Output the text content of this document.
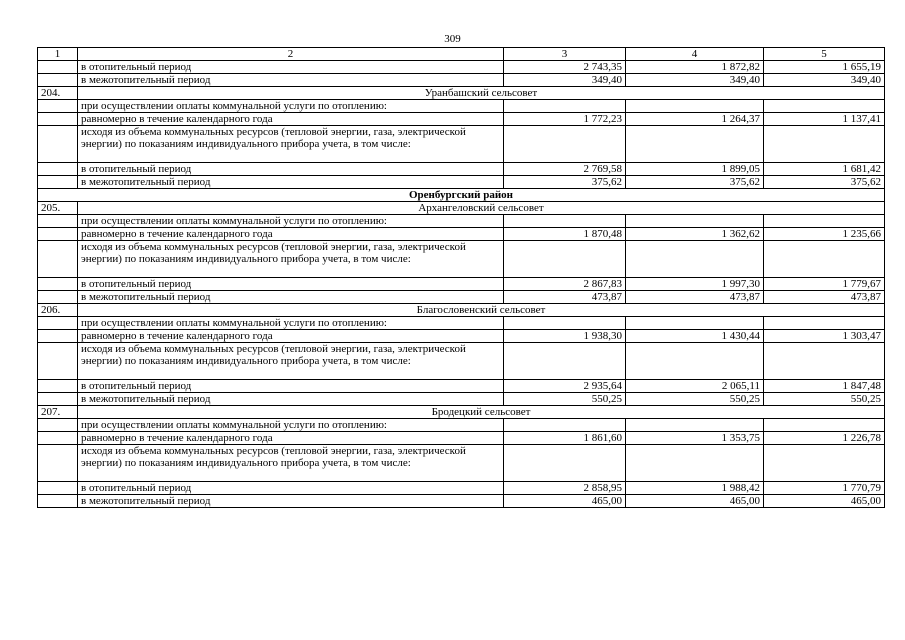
309
1	2	3	4	5
	в отопительный период	2 743,35	1 872,82	1 655,19
	в межотопительный период	349,40	349,40	349,40
204.	Уранбашский сельсовет			
	при осуществлении оплаты коммунальной услуги по отоплению:			
	равномерно в течение календарного года	1 772,23	1 264,37	1 137,41
	исходя из объема коммунальных ресурсов (тепловой энергии, газа, электрической энергии) по показаниям индивидуального прибора учета, в том числе:			
	в отопительный период	2 769,58	1 899,05	1 681,42
	в межотопительный период	375,62	375,62	375,62
Оренбургский район				
205.	Архангеловский сельсовет			
	при осуществлении оплаты коммунальной услуги по отоплению:			
	равномерно в течение календарного года	1 870,48	1 362,62	1 235,66
	исходя из объема коммунальных ресурсов (тепловой энергии, газа, электрической энергии) по показаниям индивидуального прибора учета, в том числе:			
	в отопительный период	2 867,83	1 997,30	1 779,67
	в межотопительный период	473,87	473,87	473,87
206.	Благословенский сельсовет			
	при осуществлении оплаты коммунальной услуги по отоплению:			
	равномерно в течение календарного года	1 938,30	1 430,44	1 303,47
	исходя из объема коммунальных ресурсов (тепловой энергии, газа, электрической энергии) по показаниям индивидуального прибора учета, в том числе:			
	в отопительный период	2 935,64	2 065,11	1 847,48
	в межотопительный период	550,25	550,25	550,25
207.	Бродецкий сельсовет			
	при осуществлении оплаты коммунальной услуги по отоплению:			
	равномерно в течение календарного года	1 861,60	1 353,75	1 226,78
	исходя из объема коммунальных ресурсов (тепловой энергии, газа, электрической энергии) по показаниям индивидуального прибора учета, в том числе:			
	в отопительный период	2 858,95	1 988,42	1 770,79
	в межотопительный период	465,00	465,00	465,00
